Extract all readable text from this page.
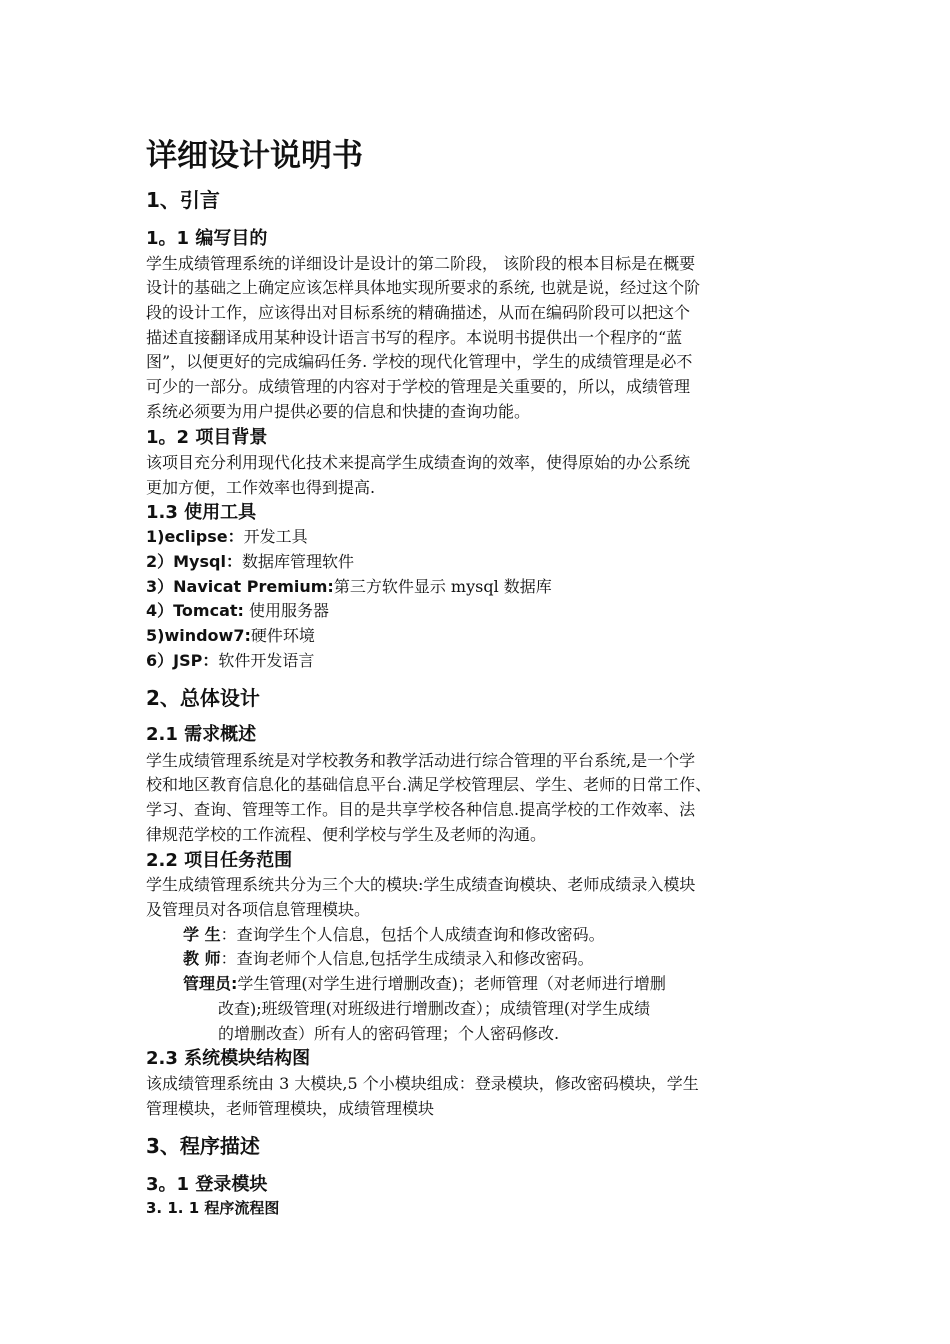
详细设计说明书
1、引言
1。1 编写目的
学生成绩管理系统的详细设计是设计的第二阶段， 该阶段的根本目标是在概要
设计的基础之上确定应该怎样具体地实现所要求的系统, 也就是说，经过这个阶
段的设计工作，应该得出对目标系统的精确描述，从而在编码阶段可以把这个
描述直接翻译成用某种设计语言书写的程序。本说明书提供出一个程序的“蓝
图”，以便更好的完成编码任务. 学校的现代化管理中，学生的成绩管理是必不
可少的一部分。成绩管理的内容对于学校的管理是关重要的，所以，成绩管理
系统必须要为用户提供必要的信息和快捷的查询功能。
1。2 项目背景
该项目充分利用现代化技术来提高学生成绩查询的效率，使得原始的办公系统
更加方便，工作效率也得到提高.
1.3 使用工具
1)eclipse：开发工具
2）Mysql：数据库管理软件
3）Navicat Premium:第三方软件显示 mysql 数据库
4）Tomcat: 使用服务器
5)window7:硬件环境
6）JSP：软件开发语言
2、总体设计
2.1 需求概述
学生成绩管理系统是对学校教务和教学活动进行综合管理的平台系统,是一个学
校和地区教育信息化的基础信息平台.满足学校管理层、学生、老师的日常工作、
学习、查询、管理等工作。目的是共享学校各种信息.提高学校的工作效率、法
律规范学校的工作流程、便利学校与学生及老师的沟通。
2.2 项目任务范围
学生成绩管理系统共分为三个大的模块:学生成绩查询模块、老师成绩录入模块
及管理员对各项信息管理模块。
学 生：查询学生个人信息，包括个人成绩查询和修改密码。
教 师：查询老师个人信息,包括学生成绩录入和修改密码。
管理员:学生管理(对学生进行增删改查)；老师管理（对老师进行增删
改查);班级管理(对班级进行增删改查）；成绩管理(对学生成绩
的增删改查）所有人的密码管理；个人密码修改.
2.3 系统模块结构图
该成绩管理系统由 3 大模块,5 个小模块组成：登录模块，修改密码模块，学生
管理模块，老师管理模块，成绩管理模块
3、程序描述
3。1 登录模块
3. 1. 1 程序流程图
